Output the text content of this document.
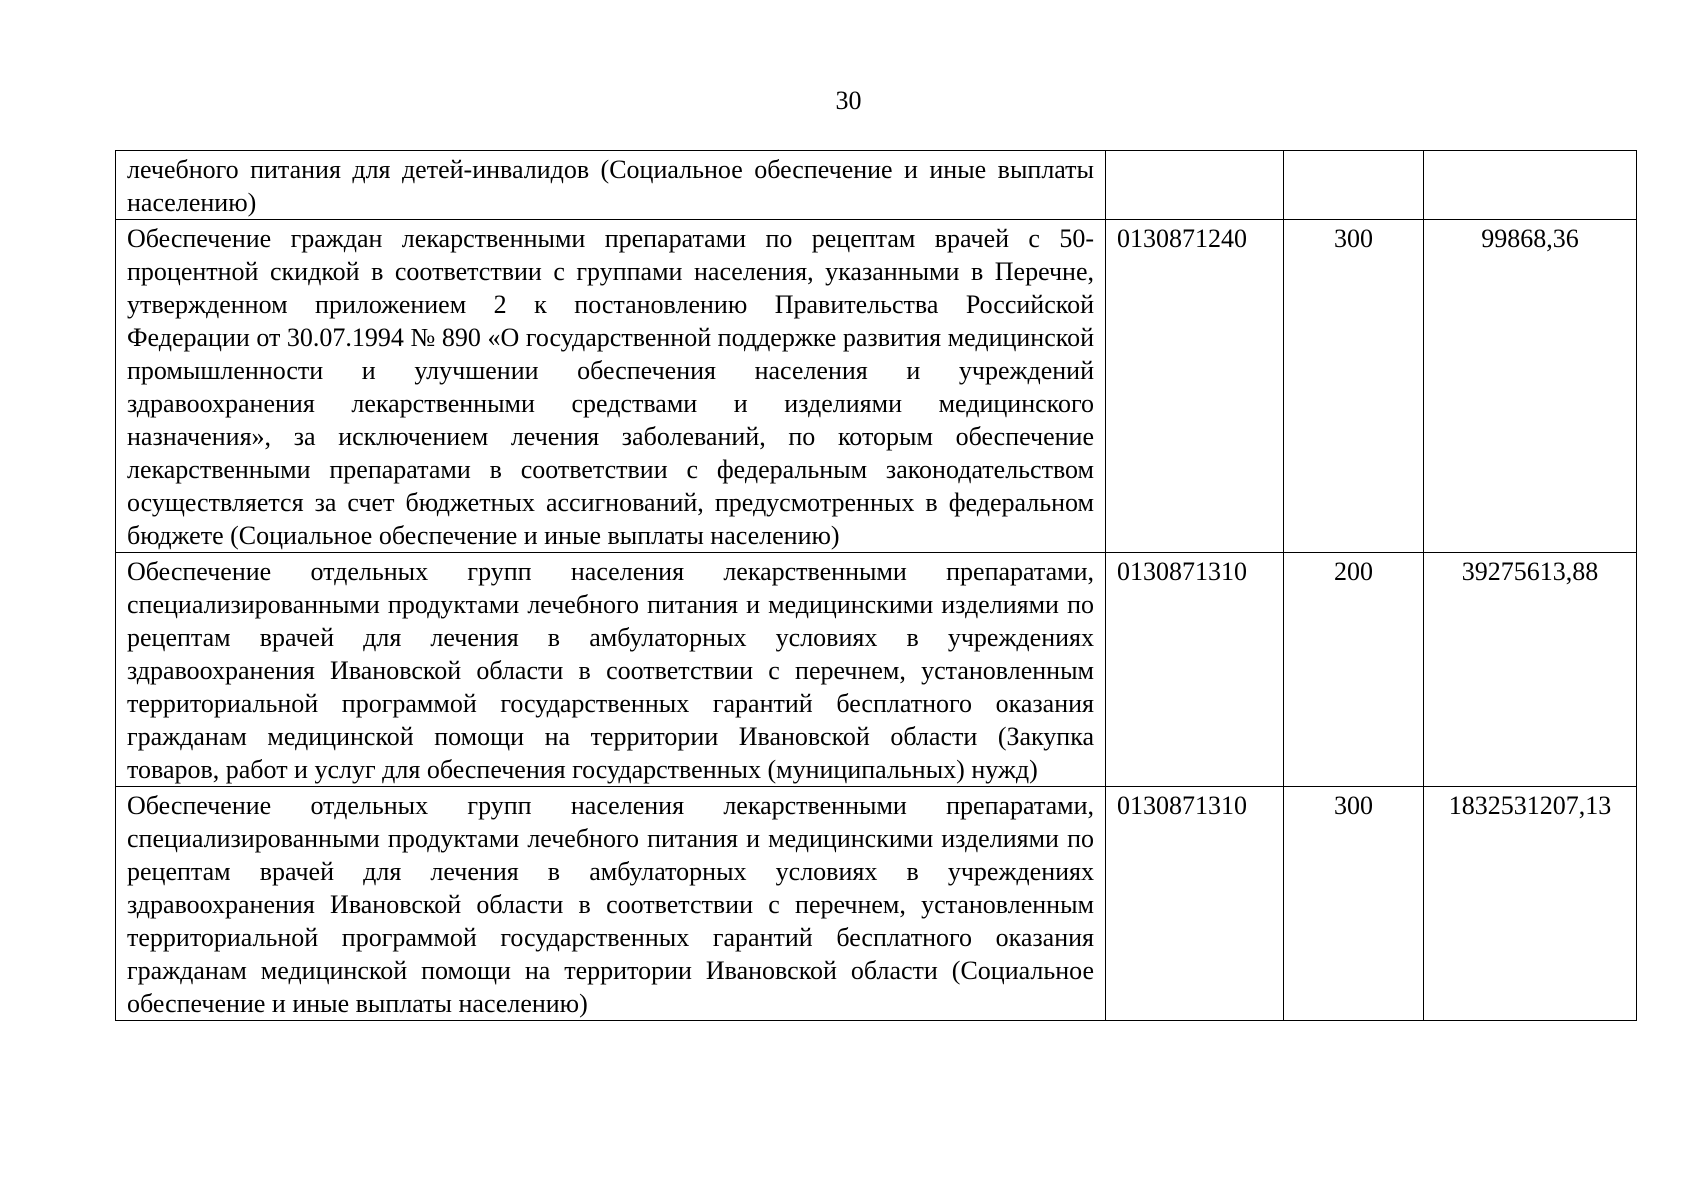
30
лечебного питания для детей-инвалидов (Социальное обеспечение и иные выплаты населению)			
Обеспечение граждан лекарственными препаратами по рецептам врачей с 50-процентной скидкой в соответствии с группами населения, указанными в Перечне, утвержденном приложением 2 к постановлению Правительства Российской Федерации от 30.07.1994 № 890 «О государственной поддержке развития медицинской промышленности и улучшении обеспечения населения и учреждений здравоохранения лекарственными средствами и изделиями медицинского назначения», за исключением лечения заболеваний, по которым обеспечение лекарственными препаратами в соответствии с федеральным законодательством осуществляется за счет бюджетных ассигнований, предусмотренных в федеральном бюджете (Социальное обеспечение и иные выплаты населению)	0130871240	300	99868,36
Обеспечение отдельных групп населения лекарственными препаратами, специализированными продуктами лечебного питания и медицинскими изделиями по рецептам врачей для лечения в амбулаторных условиях в учреждениях здравоохранения Ивановской области в соответствии с перечнем, установленным территориальной программой государственных гарантий бесплатного оказания гражданам медицинской помощи на территории Ивановской области (Закупка товаров, работ и услуг для обеспечения государственных (муниципальных) нужд)	0130871310	200	39275613,88
Обеспечение отдельных групп населения лекарственными препаратами, специализированными продуктами лечебного питания и медицинскими изделиями по рецептам врачей для лечения в амбулаторных условиях в учреждениях здравоохранения Ивановской области в соответствии с перечнем, установленным территориальной программой государственных гарантий бесплатного оказания гражданам медицинской помощи на территории Ивановской области (Социальное обеспечение и иные выплаты населению)	0130871310	300	1832531207,13
